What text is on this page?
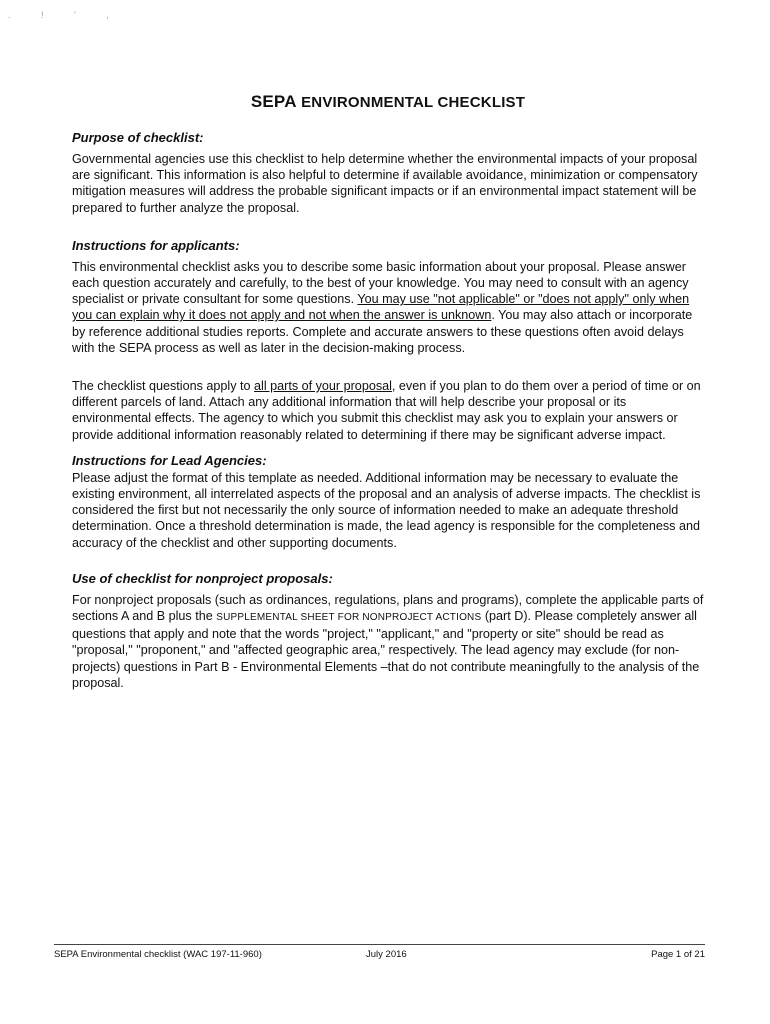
. ! ' ,
SEPA ENVIRONMENTAL CHECKLIST
Purpose of checklist:

Governmental agencies use this checklist to help determine whether the environmental impacts of your proposal are significant. This information is also helpful to determine if available avoidance, minimization or compensatory mitigation measures will address the probable significant impacts or if an environmental impact statement will be prepared to further analyze the proposal.

Instructions for applicants:

This environmental checklist asks you to describe some basic information about your proposal. Please answer each question accurately and carefully, to the best of your knowledge. You may need to consult with an agency specialist or private consultant for some questions. You may use "not applicable" or "does not apply" only when you can explain why it does not apply and not when the answer is unknown. You may also attach or incorporate by reference additional studies reports. Complete and accurate answers to these questions often avoid delays with the SEPA process as well as later in the decision-making process.

The checklist questions apply to all parts of your proposal, even if you plan to do them over a period of time or on different parcels of land. Attach any additional information that will help describe your proposal or its environmental effects. The agency to which you submit this checklist may ask you to explain your answers or provide additional information reasonably related to determining if there may be significant adverse impact.

Instructions for Lead Agencies:

Please adjust the format of this template as needed. Additional information may be necessary to evaluate the existing environment, all interrelated aspects of the proposal and an analysis of adverse impacts. The checklist is considered the first but not necessarily the only source of information needed to make an adequate threshold determination. Once a threshold determination is made, the lead agency is responsible for the completeness and accuracy of the checklist and other supporting documents.

Use of checklist for nonproject proposals:

For nonproject proposals (such as ordinances, regulations, plans and programs), complete the applicable parts of sections A and B plus the SUPPLEMENTAL SHEET FOR NONPROJECT ACTIONS (part D). Please completely answer all questions that apply and note that the words "project," "applicant," and "property or site" should be read as "proposal," "proponent," and "affected geographic area," respectively. The lead agency may exclude (for non-projects) questions in Part B - Environmental Elements –that do not contribute meaningfully to the analysis of the proposal.

SEPA Environmental checklist (WAC 197-11-960)	July 2016	Page 1 of 21
